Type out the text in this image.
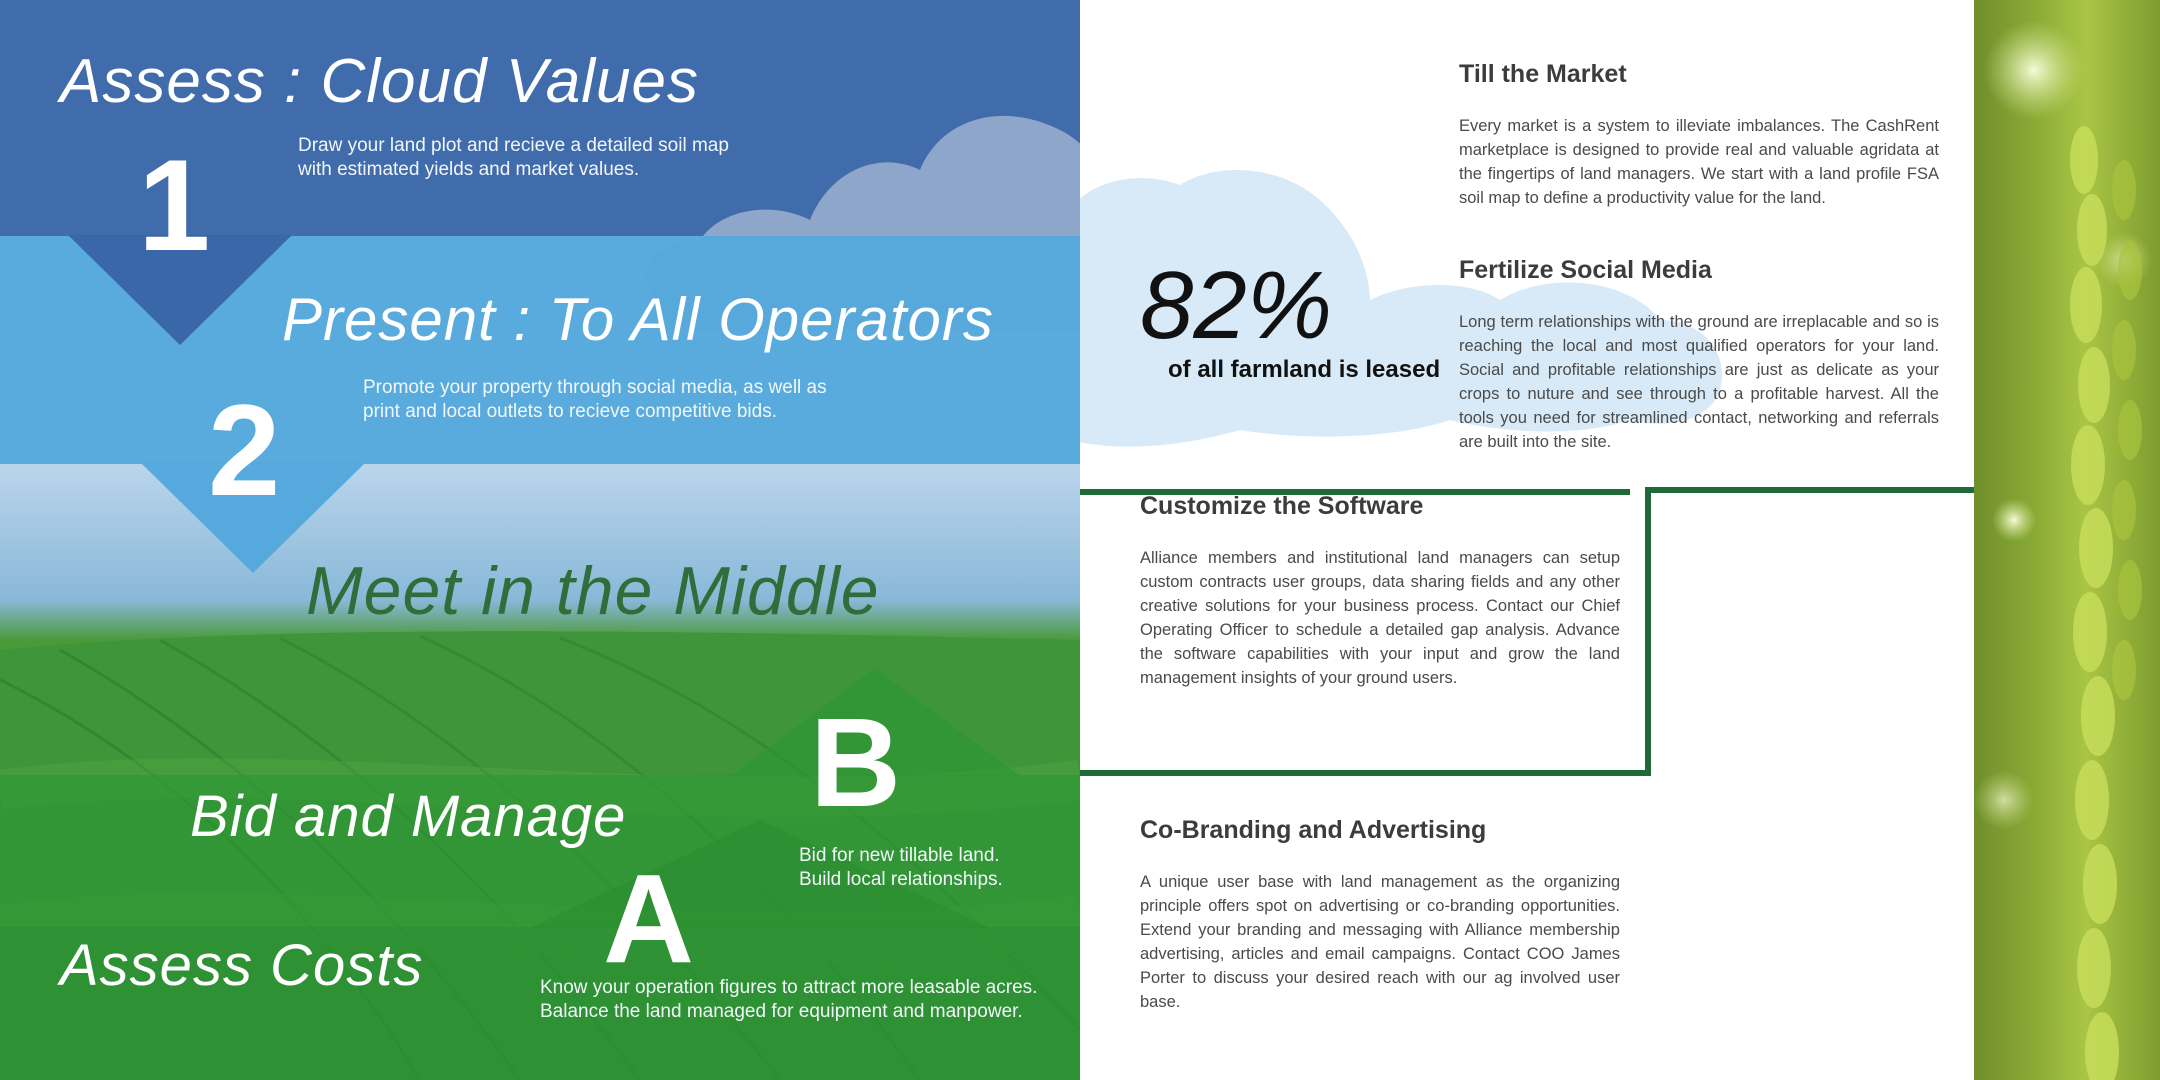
Assess : Cloud Values
1	Draw your land plot and recieve a detailed soil map
with estimated yields and market values.

Present : To All Operators
2	Promote your property through social media, as well as
print and local outlets to recieve competitive bids.

Meet in the Middle
Bid and Manage B

Bid for new tillable land.
Build local relationships.

Assess Costs A

Know your operation figures to attract more leasable acres.
Balance the land managed for equipment and manpower.

82%
of all farmland is leased
Till the Market

Every market is a system to illeviate imbalances. The CashRent marketplace is designed to provide real and valuable agridata at the fingertips of land managers. We start with a land profile FSA soil map to define a productivity value for the land.

Fertilize Social Media

Long term relationships with the ground are irreplacable and so is reaching the local and most qualified operators for your land. Social and profitable relationships are just as delicate as your crops to nuture and see through to a profitable harvest. All the tools you need for streamlined contact, networking and referrals are built into the site.

Customize the Software

Alliance members and institutional land managers can setup custom contracts user groups, data sharing fields and any other creative solutions for your business process. Contact our Chief Operating Officer to schedule a detailed gap analysis. Advance the software capabilities with your input and grow the land management insights of your ground users.

Co-Branding and Advertising

A unique user base with land management as the organizing principle offers spot on advertising or co-branding opportunities. Extend your branding and messaging with Alliance membership advertising, articles and email campaigns. Contact COO James Porter to discuss your desired reach with our ag involved user base.
